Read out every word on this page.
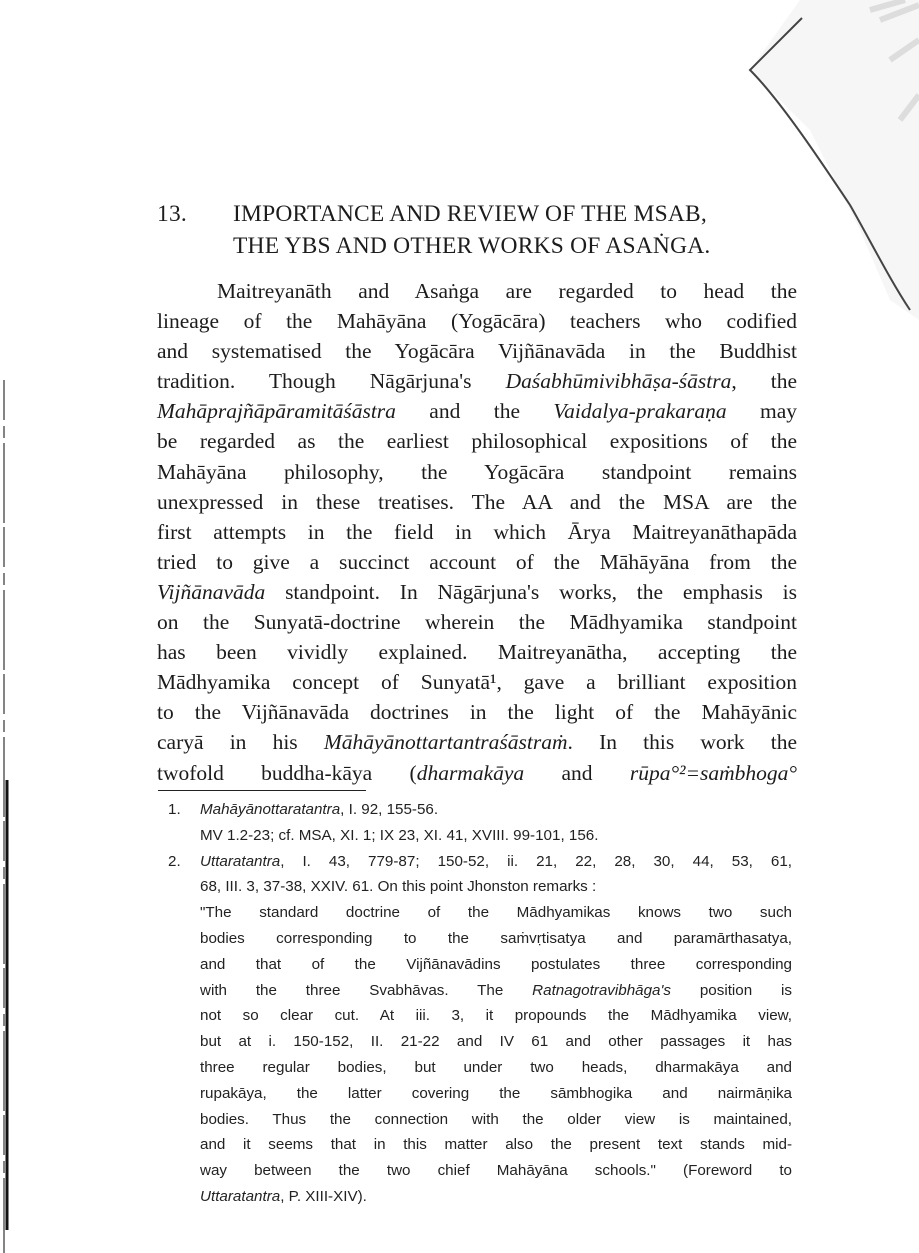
13. IMPORTANCE AND REVIEW OF THE MSAB,
THE YBS AND OTHER WORKS OF ASAṄGA.
Maitreyanāth and Asaṅga are regarded to head the
lineage of the Mahāyāna (Yogācāra) teachers who codified
and systematised the Yogācāra Vijñānavāda in the Buddhist
tradition. Though Nāgārjuna's Daśabhūmivibhāṣa-śāstra, the
Mahāprajñāpāramitāśāstra and the Vaidalya-prakaraṇa may
be regarded as the earliest philosophical expositions of the
Mahāyāna philosophy, the Yogācāra standpoint remains
unexpressed in these treatises. The AA and the MSA are the
first attempts in the field in which Ārya Maitreyanāthapāda
tried to give a succinct account of the Māhāyāna from the
Vijñānavāda standpoint. In Nāgārjuna's works, the emphasis is
on the Sunyatā-doctrine wherein the Mādhyamika standpoint
has been vividly explained. Maitreyanātha, accepting the
Mādhyamika concept of Sunyatā¹, gave a brilliant exposition
to the Vijñānavāda doctrines in the light of the Mahāyānic
caryā in his Māhāyānottartantraśāstraṁ. In this work the
twofold buddha-kāya (dharmakāya and rūpa°²=saṁbhoga°
1. Mahāyānottaratantra, I. 92, 155-56.
MV 1.2-23; cf. MSA, XI. 1; IX 23, XI. 41, XVIII. 99-101, 156.
2. Uttaratantra, I. 43, 779-87; 150-52, ii. 21, 22, 28, 30, 44, 53, 61,
68, III. 3, 37-38, XXIV. 61. On this point Jhonston remarks :
"The standard doctrine of the Mādhyamikas knows two such
bodies corresponding to the saṁvṛtisatya and paramārthasatya,
and that of the Vijñānavādins postulates three corresponding
with the three Svabhāvas. The Ratnagotravibhāga's position is
not so clear cut. At iii. 3, it propounds the Mādhyamika view,
but at i. 150-152, II. 21-22 and IV 61 and other passages it has
three regular bodies, but under two heads, dharmakāya and
rupakāya, the latter covering the sāmbhogika and nairmāṇika
bodies. Thus the connection with the older view is maintained,
and it seems that in this matter also the present text stands mid-
way between the two chief Mahāyāna schools." (Foreword to
Uttaratantra, P. XIII-XIV).
